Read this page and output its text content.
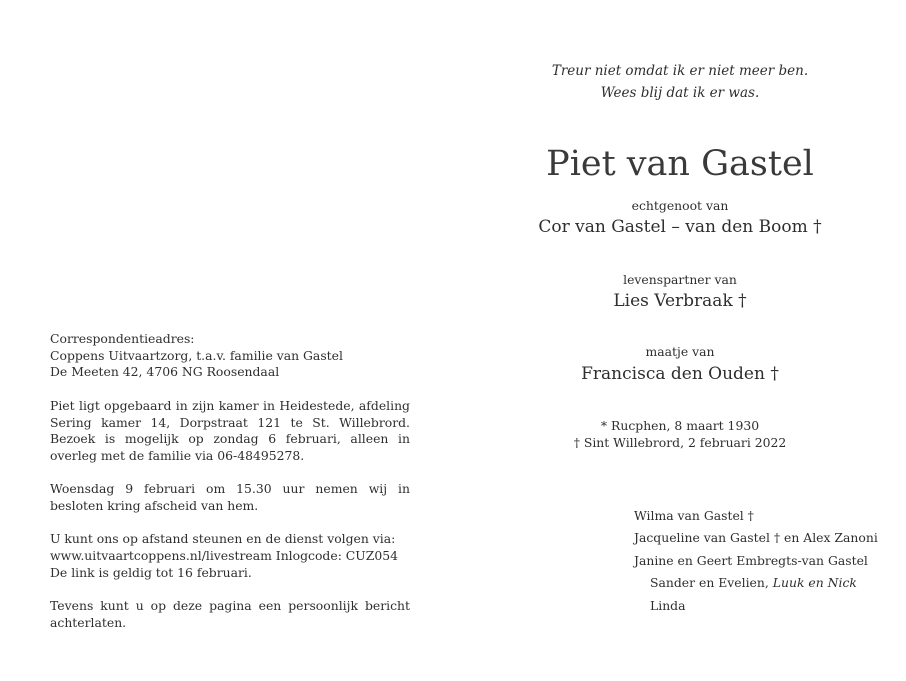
Correspondentieadres:
Coppens Uitvaartzorg, t.a.v. familie van Gastel
De Meeten 42, 4706 NG Roosendaal

Piet ligt opgebaard in zijn kamer in Heidestede, afdeling Sering kamer 14, Dorpstraat 121 te St. Willebrord. Bezoek is mogelijk op zondag 6 februari, alleen in overleg met de familie via 06-48495278.

Woensdag 9 februari om 15.30 uur nemen wij in besloten kring afscheid van hem.

U kunt ons op afstand steunen en de dienst volgen via:
www.uitvaartcoppens.nl/livestream Inlogcode: CUZ054
De link is geldig tot 16 februari.

Tevens kunt u op deze pagina een persoonlijk bericht achterlaten.

Treur niet omdat ik er niet meer ben.
Wees blij dat ik er was.
Piet van Gastel
echtgenoot van
Cor van Gastel – van den Boom †
levenspartner van
Lies Verbraak †
maatje van
Francisca den Ouden †
* Rucphen, 8 maart 1930
† Sint Willebrord, 2 februari 2022
Wilma van Gastel †
Jacqueline van Gastel † en Alex Zanoni
Janine en Geert Embregts-van Gastel
Sander en Evelien, Luuk en Nick
Linda
